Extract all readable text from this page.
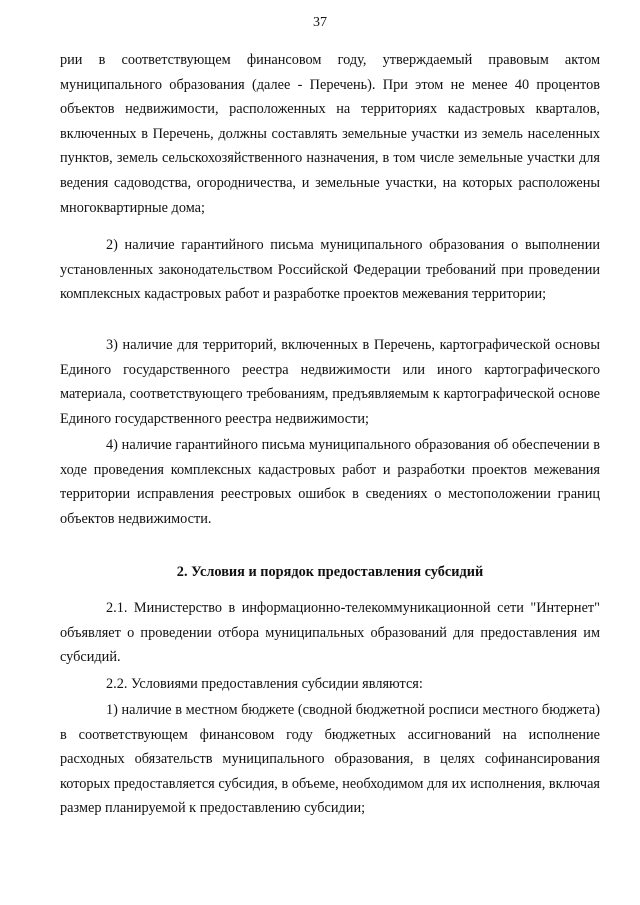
37

рии в соответствующем финансовом году, утверждаемый правовым актом муниципального образования (далее - Перечень). При этом не менее 40 процентов объектов недвижимости, расположенных на территориях кадастровых кварталов, включенных в Перечень, должны составлять земельные участки из земель населенных пунктов, земель сельскохозяйственного назначения, в том числе земельные участки для ведения садоводства, огородничества, и земельные участки, на которых расположены многоквартирные дома;

2) наличие гарантийного письма муниципального образования о выполнении установленных законодательством Российской Федерации требований при проведении комплексных кадастровых работ и разработке проектов межевания территории;

3) наличие для территорий, включенных в Перечень, картографической основы Единого государственного реестра недвижимости или иного картографического материала, соответствующего требованиям, предъявляемым к картографической основе Единого государственного реестра недвижимости;

4) наличие гарантийного письма муниципального образования об обеспечении в ходе проведения комплексных кадастровых работ и разработки проектов межевания территории исправления реестровых ошибок в сведениях о местоположении границ объектов недвижимости.

2. Условия и порядок предоставления субсидий

2.1. Министерство в информационно-телекоммуникационной сети "Интернет" объявляет о проведении отбора муниципальных образований для предоставления им субсидий.

2.2. Условиями предоставления субсидии являются:

1) наличие в местном бюджете (сводной бюджетной росписи местного бюджета) в соответствующем финансовом году бюджетных ассигнований на исполнение расходных обязательств муниципального образования, в целях софинансирования которых предоставляется субсидия, в объеме, необходимом для их исполнения, включая размер планируемой к предоставлению субсидии;
